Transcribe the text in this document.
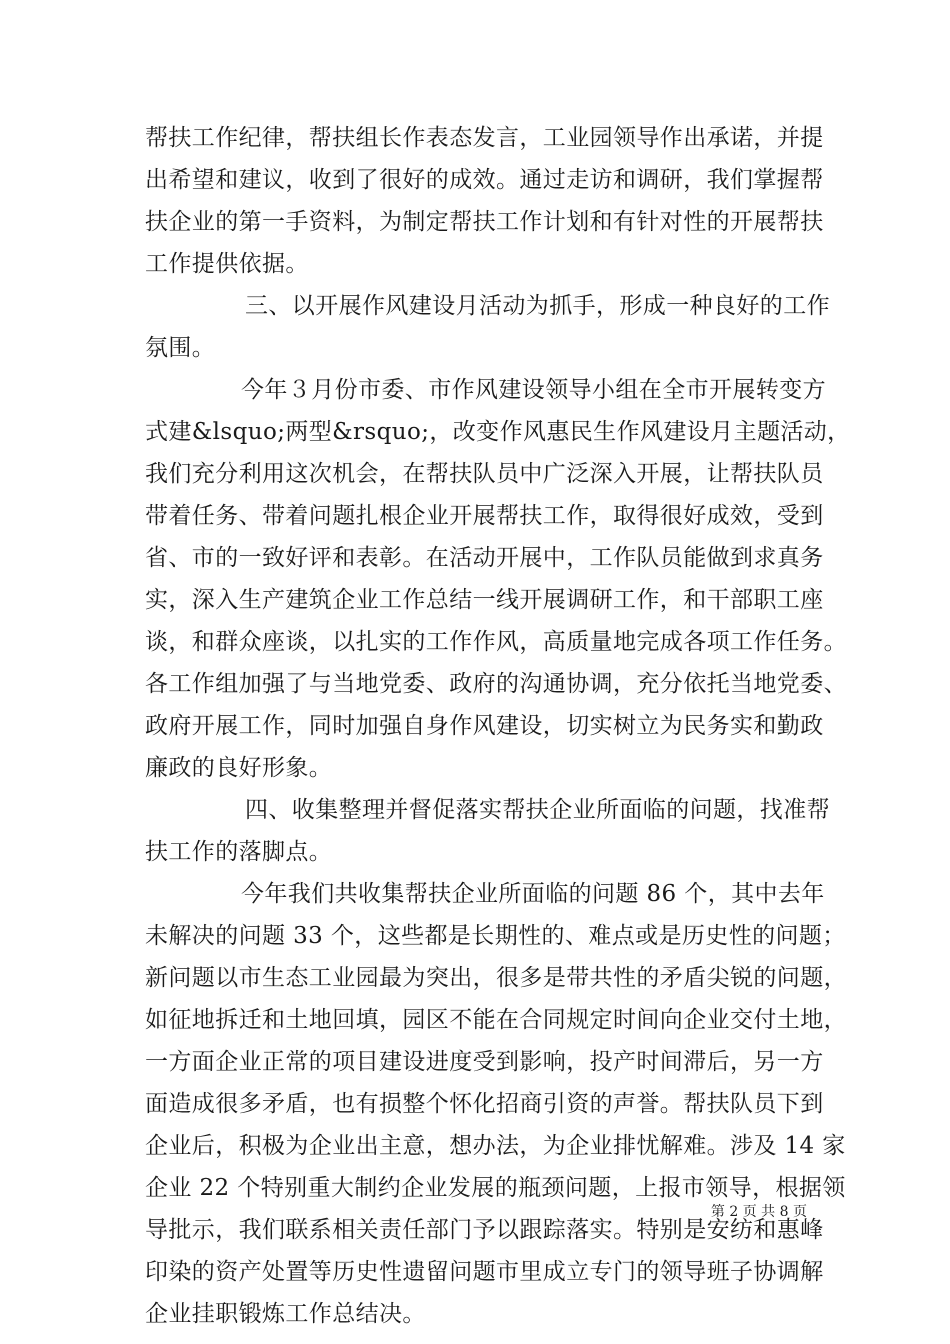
帮扶工作纪律，帮扶组长作表态发言，工业园领导作出承诺，并提
出希望和建议，收到了很好的成效。通过走访和调研，我们掌握帮
扶企业的第一手资料，为制定帮扶工作计划和有针对性的开展帮扶
工作提供依据。
三、以开展作风建设月活动为抓手，形成一种良好的工作
氛围。
今年３月份市委、市作风建设领导小组在全市开展转变方
式建&lsquo;两型&rsquo;，改变作风惠民生作风建设月主题活动，
我们充分利用这次机会，在帮扶队员中广泛深入开展，让帮扶队员
带着任务、带着问题扎根企业开展帮扶工作，取得很好成效，受到
省、市的一致好评和表彰。在活动开展中，工作队员能做到求真务
实，深入生产建筑企业工作总结一线开展调研工作，和干部职工座
谈，和群众座谈，以扎实的工作作风，高质量地完成各项工作任务。
各工作组加强了与当地党委、政府的沟通协调，充分依托当地党委、
政府开展工作，同时加强自身作风建设，切实树立为民务实和勤政
廉政的良好形象。
四、收集整理并督促落实帮扶企业所面临的问题，找准帮
扶工作的落脚点。
今年我们共收集帮扶企业所面临的问题 86 个，其中去年
未解决的问题 33 个，这些都是长期性的、难点或是历史性的问题；
新问题以市生态工业园最为突出，很多是带共性的矛盾尖锐的问题，
如征地拆迁和土地回填，园区不能在合同规定时间向企业交付土地，
一方面企业正常的项目建设进度受到影响，投产时间滞后，另一方
面造成很多矛盾，也有损整个怀化招商引资的声誉。帮扶队员下到
企业后，积极为企业出主意，想办法，为企业排忧解难。涉及 14 家
企业 22 个特别重大制约企业发展的瓶颈问题，上报市领导，根据领
导批示，我们联系相关责任部门予以跟踪落实。特别是安纺和惠峰
印染的资产处置等历史性遗留问题市里成立专门的领导班子协调解
企业挂职锻炼工作总结决。
第 2 页 共 8 页
